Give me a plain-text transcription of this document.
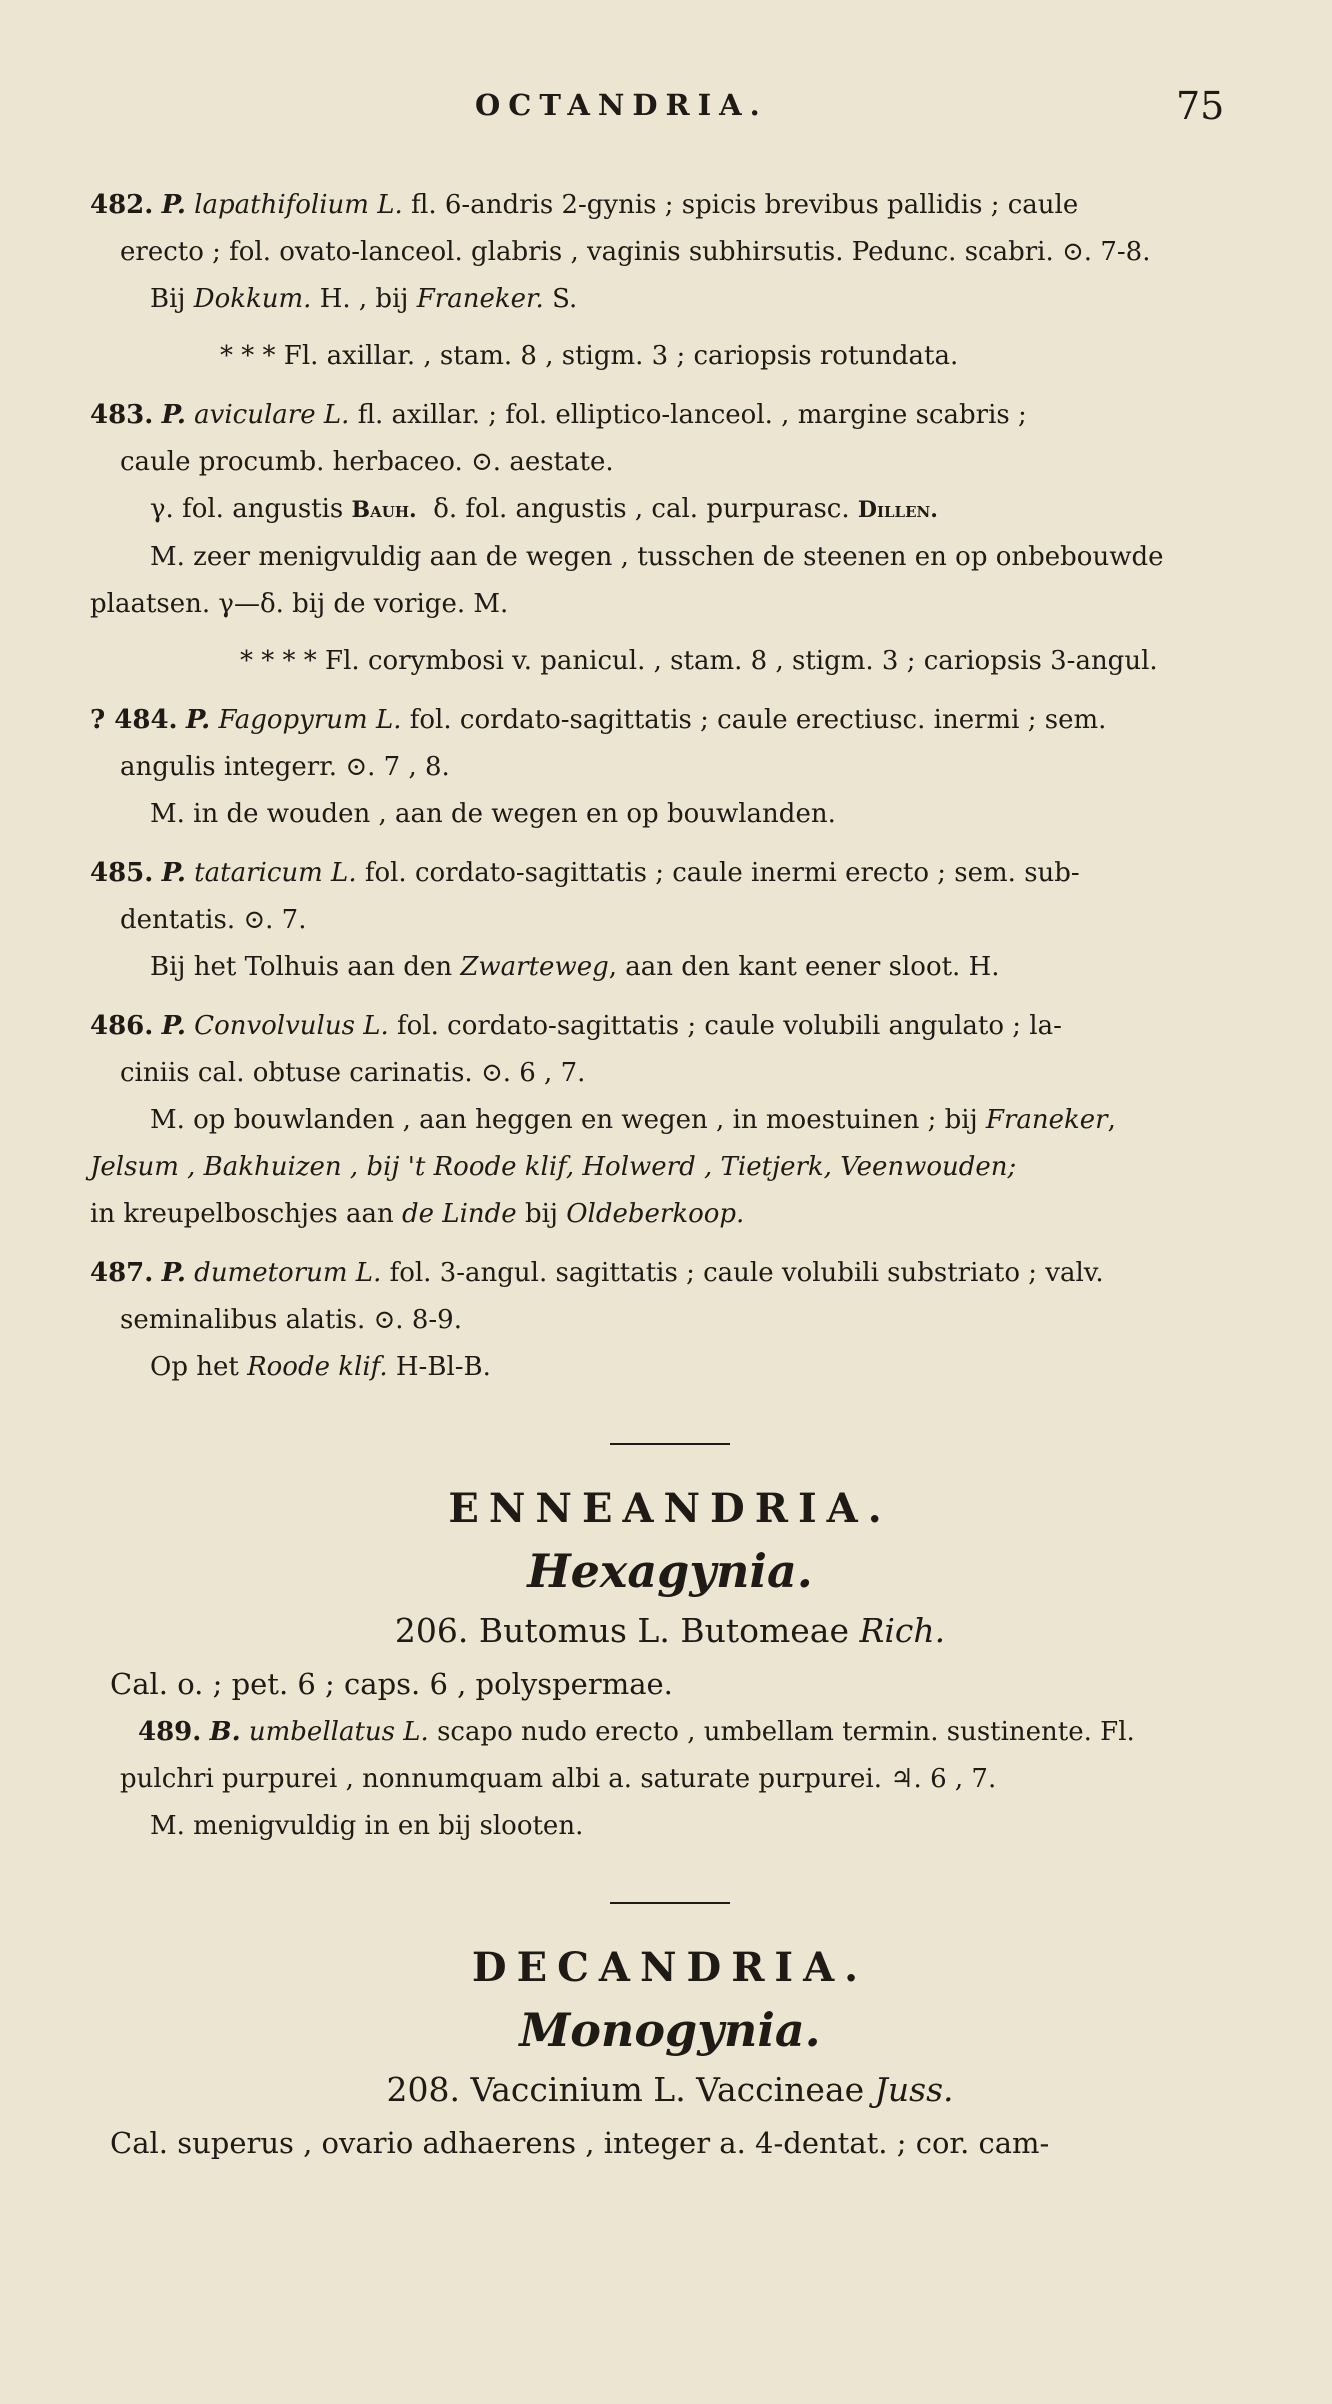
OCTANDRIA.	75

482. P. lapathifolium L. fl. 6-andris 2-gynis ; spicis brevibus pallidis ; caule

erecto ; fol. ovato-lanceol. glabris , vaginis subhirsutis. Pedunc. scabri. ⊙. 7-8.

Bij Dokkum. H. , bij Franeker. S.

* * * Fl. axillar. , stam. 8 , stigm. 3 ; cariopsis rotundata.

483. P. aviculare L. fl. axillar. ; fol. elliptico-lanceol. , margine scabris ;

caule procumb. herbaceo. ⊙. aestate.

γ. fol. angustis Bauh. δ. fol. angustis , cal. purpurasc. Dillen.

M. zeer menigvuldig aan de wegen , tusschen de steenen en op onbebouwde

plaatsen. γ—δ. bij de vorige. M.

* * * * Fl. corymbosi v. panicul. , stam. 8 , stigm. 3 ; cariopsis 3-angul.

? 484. P. Fagopyrum L. fol. cordato-sagittatis ; caule erectiusc. inermi ; sem.

angulis integerr. ⊙. 7 , 8.

M. in de wouden , aan de wegen en op bouwlanden.

485. P. tataricum L. fol. cordato-sagittatis ; caule inermi erecto ; sem. sub-

dentatis. ⊙. 7.

Bij het Tolhuis aan den Zwarteweg, aan den kant eener sloot. H.

486. P. Convolvulus L. fol. cordato-sagittatis ; caule volubili angulato ; la-

ciniis cal. obtuse carinatis. ⊙. 6 , 7.

M. op bouwlanden , aan heggen en wegen , in moestuinen ; bij Franeker,

Jelsum , Bakhuizen , bij 't Roode klif, Holwerd , Tietjerk, Veenwouden;

in kreupelboschjes aan de Linde bij Oldeberkoop.

487. P. dumetorum L. fol. 3-angul. sagittatis ; caule volubili substriato ; valv.

seminalibus alatis. ⊙. 8-9.

Op het Roode klif. H-Bl-B.

ENNEANDRIA.

Hexagynia.

206. Butomus L. Butomeae Rich.

Cal. o. ; pet. 6 ; caps. 6 , polyspermae.

489. B. umbellatus L. scapo nudo erecto , umbellam termin. sustinente. Fl.

pulchri purpurei , nonnumquam albi a. saturate purpurei. ♃. 6 , 7.

M. menigvuldig in en bij slooten.

DECANDRIA.

Monogynia.

208. Vaccinium L. Vaccineae Juss.

Cal. superus , ovario adhaerens , integer a. 4-dentat. ; cor. cam-
